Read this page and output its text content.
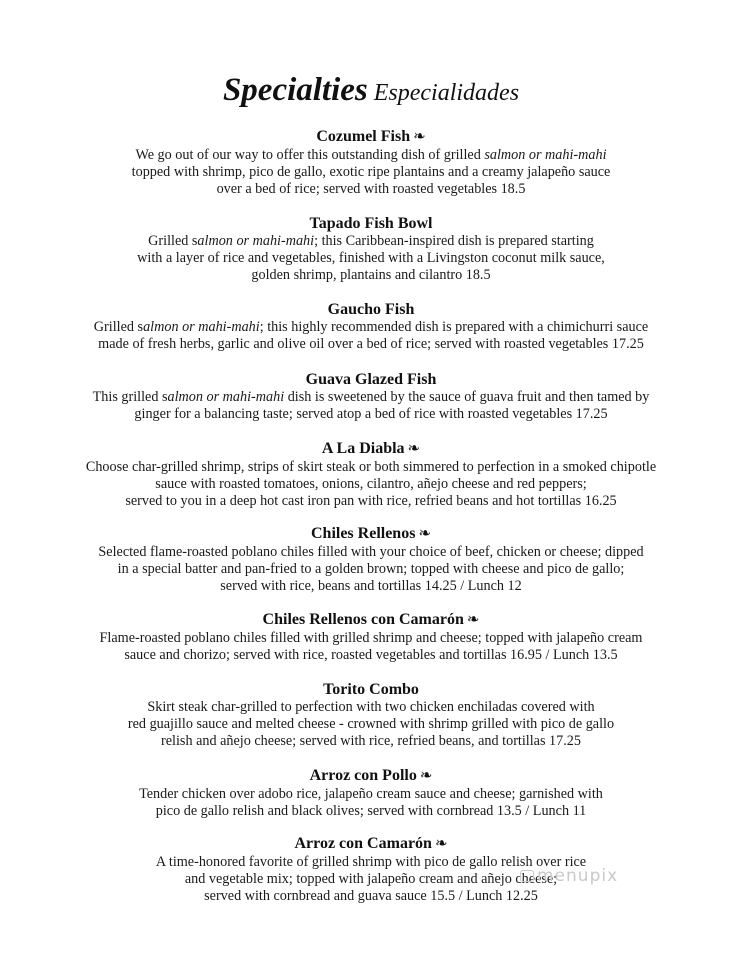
Specialties Especialidades
Cozumel Fish ❧

We go out of our way to offer this outstanding dish of grilled salmon or mahi-mahi
topped with shrimp, pico de gallo, exotic ripe plantains and a creamy jalapeño sauce
over a bed of rice; served with roasted vegetables 18.5

Tapado Fish Bowl

Grilled salmon or mahi-mahi; this Caribbean-inspired dish is prepared starting
with a layer of rice and vegetables, finished with a Livingston coconut milk sauce,
golden shrimp, plantains and cilantro 18.5

Gaucho Fish

Grilled salmon or mahi-mahi; this highly recommended dish is prepared with a chimichurri sauce
made of fresh herbs, garlic and olive oil over a bed of rice; served with roasted vegetables 17.25

Guava Glazed Fish

This grilled salmon or mahi-mahi dish is sweetened by the sauce of guava fruit and then tamed by
ginger for a balancing taste; served atop a bed of rice with roasted vegetables 17.25

A La Diabla ❧

Choose char-grilled shrimp, strips of skirt steak or both simmered to perfection in a smoked chipotle
sauce with roasted tomatoes, onions, cilantro, añejo cheese and red peppers;
served to you in a deep hot cast iron pan with rice, refried beans and hot tortillas 16.25

Chiles Rellenos ❧

Selected flame-roasted poblano chiles filled with your choice of beef, chicken or cheese; dipped
in a special batter and pan-fried to a golden brown; topped with cheese and pico de gallo;
served with rice, beans and tortillas 14.25 / Lunch 12

Chiles Rellenos con Camarón ❧

Flame-roasted poblano chiles filled with grilled shrimp and cheese; topped with jalapeño cream
sauce and chorizo; served with rice, roasted vegetables and tortillas 16.95 / Lunch 13.5

Torito Combo

Skirt steak char-grilled to perfection with two chicken enchiladas covered with
red guajillo sauce and melted cheese - crowned with shrimp grilled with pico de gallo
relish and añejo cheese; served with rice, refried beans, and tortillas 17.25

Arroz con Pollo ❧

Tender chicken over adobo rice, jalapeño cream sauce and cheese; garnished with
pico de gallo relish and black olives; served with cornbread 13.5 / Lunch 11

Arroz con Camarón ❧

A time-honored favorite of grilled shrimp with pico de gallo relish over rice
and vegetable mix; topped with jalapeño cream and añejo cheese;
served with cornbread and guava sauce 15.5 / Lunch 12.25

menupix
